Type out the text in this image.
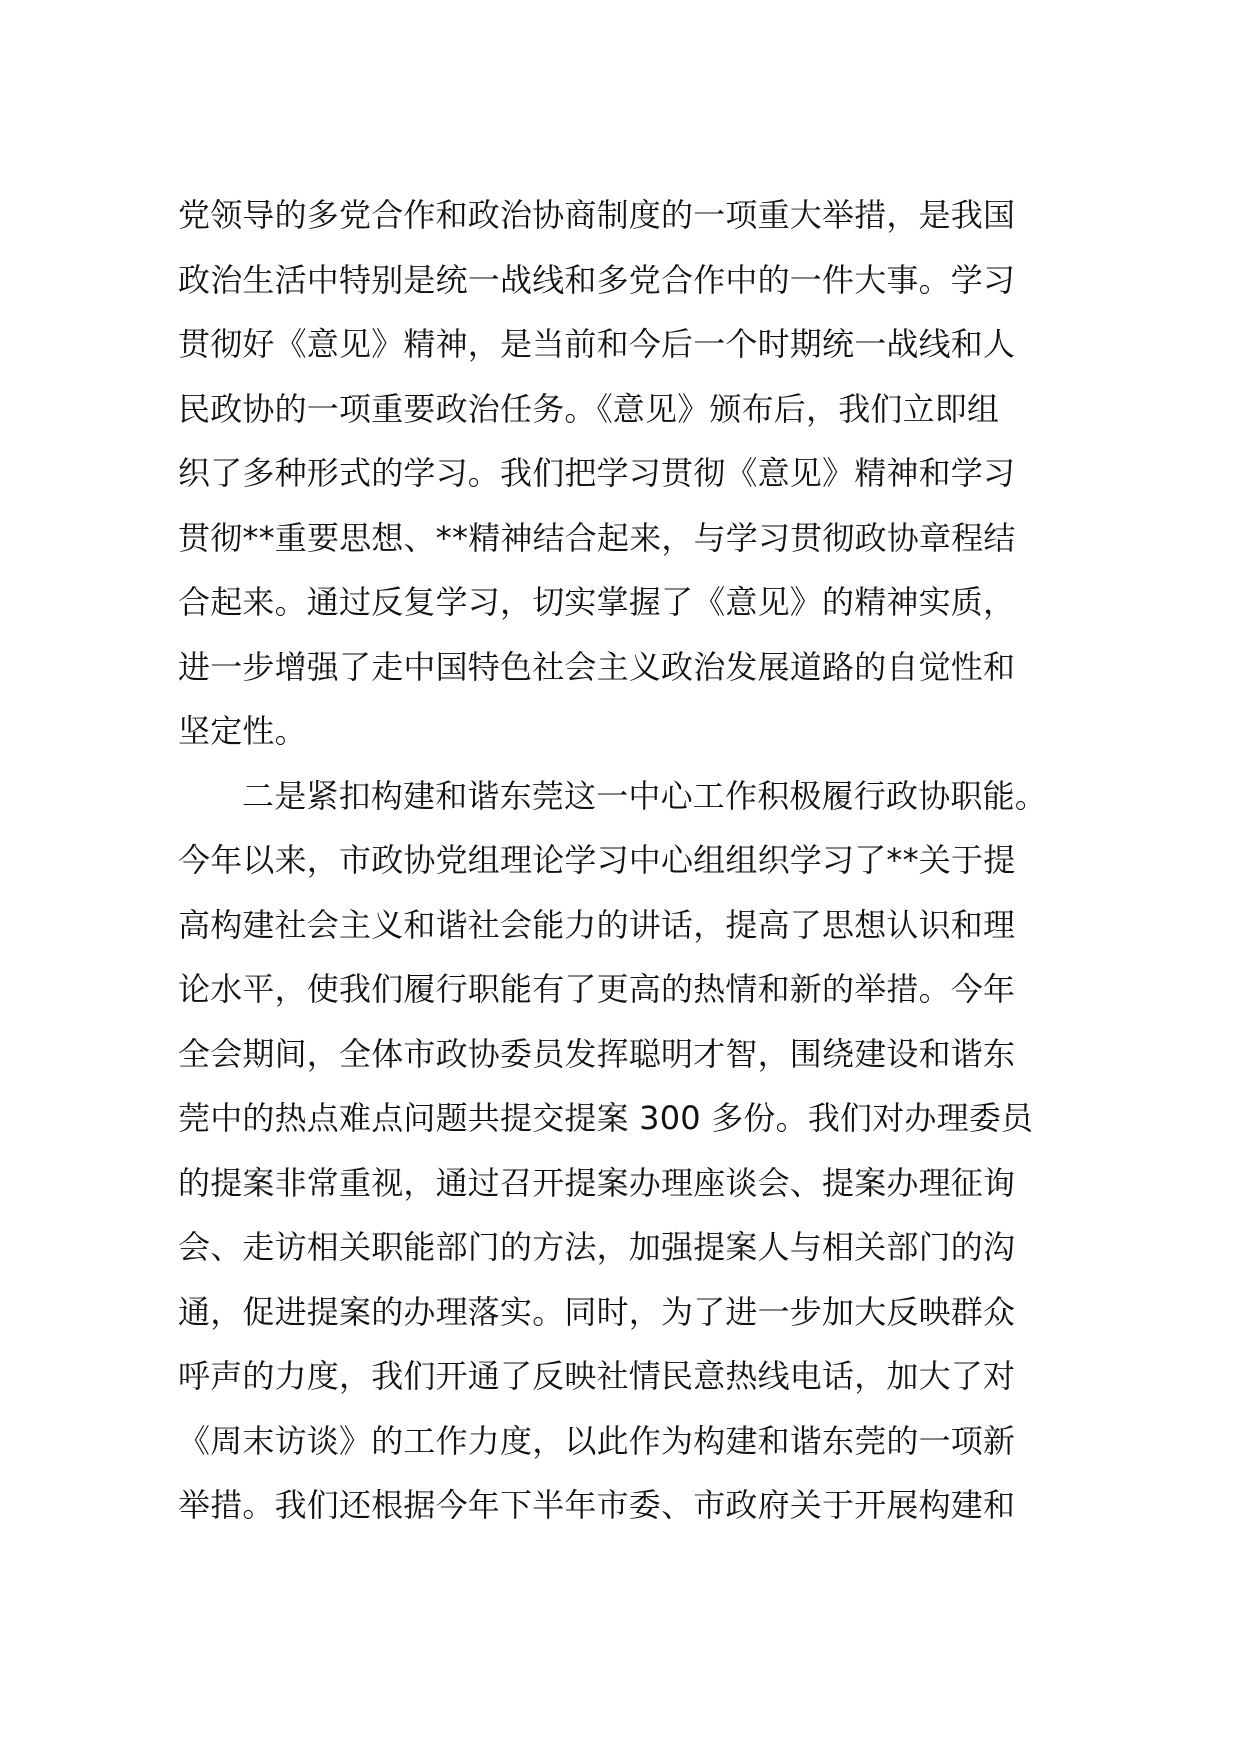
党领导的多党合作和政治协商制度的一项重大举措，是我国
政治生活中特别是统一战线和多党合作中的一件大事。学习
贯彻好《意见》精神，是当前和今后一个时期统一战线和人
民政协的一项重要政治任务。《意见》颁布后，我们立即组
织了多种形式的学习。我们把学习贯彻《意见》精神和学习
贯彻**重要思想、**精神结合起来，与学习贯彻政协章程结
合起来。通过反复学习，切实掌握了《意见》的精神实质，
进一步增强了走中国特色社会主义政治发展道路的自觉性和
坚定性。
二是紧扣构建和谐东莞这一中心工作积极履行政协职能。
今年以来，市政协党组理论学习中心组组织学习了**关于提
高构建社会主义和谐社会能力的讲话，提高了思想认识和理
论水平，使我们履行职能有了更高的热情和新的举措。今年
全会期间，全体市政协委员发挥聪明才智，围绕建设和谐东
莞中的热点难点问题共提交提案 300 多份。我们对办理委员
的提案非常重视，通过召开提案办理座谈会、提案办理征询
会、走访相关职能部门的方法，加强提案人与相关部门的沟
通，促进提案的办理落实。同时，为了进一步加大反映群众
呼声的力度，我们开通了反映社情民意热线电话，加大了对
《周末访谈》的工作力度，以此作为构建和谐东莞的一项新
举措。我们还根据今年下半年市委、市政府关于开展构建和
